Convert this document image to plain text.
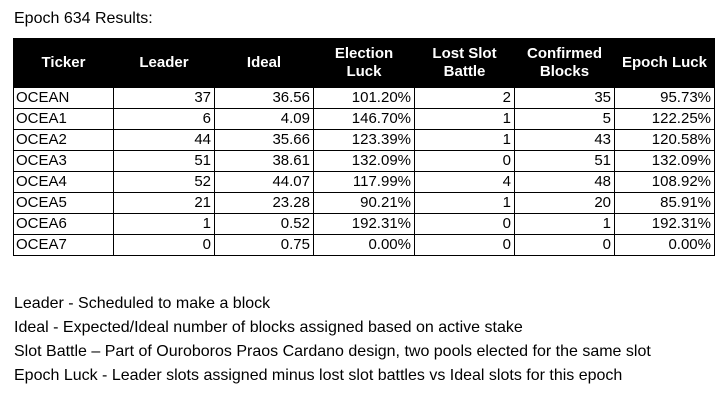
Epoch 634 Results:
Ticker	Leader	Ideal	Election Luck	Lost Slot Battle	Confirmed Blocks	Epoch Luck
OCEAN	37	36.56	101.20%	2	35	95.73%
OCEA1	6	4.09	146.70%	1	5	122.25%
OCEA2	44	35.66	123.39%	1	43	120.58%
OCEA3	51	38.61	132.09%	0	51	132.09%
OCEA4	52	44.07	117.99%	4	48	108.92%
OCEA5	21	23.28	90.21%	1	20	85.91%
OCEA6	1	0.52	192.31%	0	1	192.31%
OCEA7	0	0.75	0.00%	0	0	0.00%
Leader - Scheduled to make a block
Ideal - Expected/Ideal number of blocks assigned based on active stake
Slot Battle – Part of Ouroboros Praos Cardano design, two pools elected for the same slot
Epoch Luck - Leader slots assigned minus lost slot battles vs Ideal slots for this epoch
